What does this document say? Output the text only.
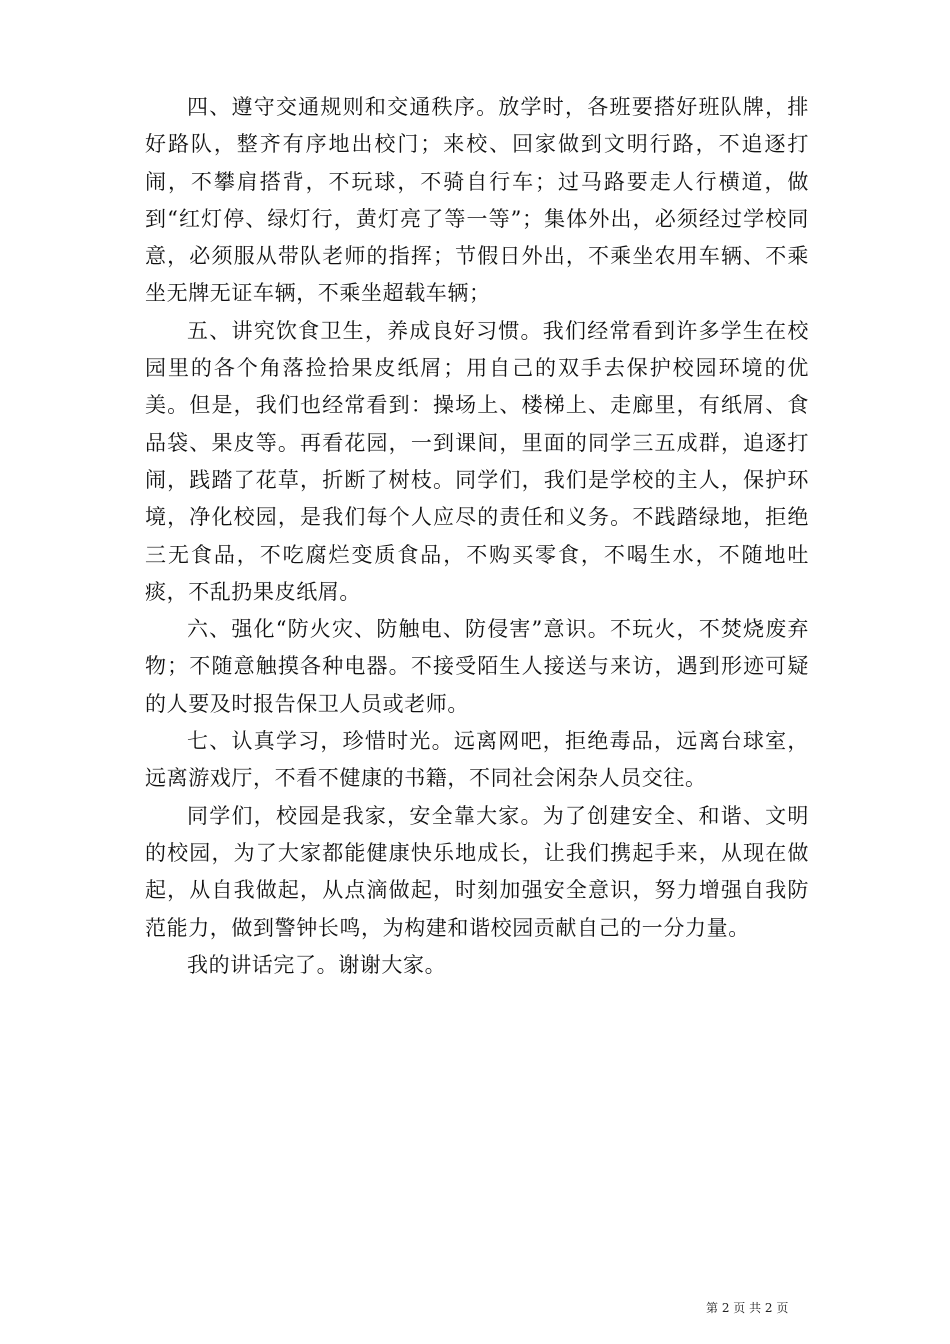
四、遵守交通规则和交通秩序。放学时，各班要搭好班队牌，排好路队，整齐有序地出校门；来校、回家做到文明行路，不追逐打闹，不攀肩搭背，不玩球，不骑自行车；过马路要走人行横道，做到“红灯停、绿灯行，黄灯亮了等一等”；集体外出，必须经过学校同意，必须服从带队老师的指挥；节假日外出，不乘坐农用车辆、不乘坐无牌无证车辆，不乘坐超载车辆；

五、讲究饮食卫生，养成良好习惯。我们经常看到许多学生在校园里的各个角落捡拾果皮纸屑；用自己的双手去保护校园环境的优美。但是，我们也经常看到：操场上、楼梯上、走廊里，有纸屑、食品袋、果皮等。再看花园，一到课间，里面的同学三五成群，追逐打闹，践踏了花草，折断了树枝。同学们，我们是学校的主人，保护环境，净化校园，是我们每个人应尽的责任和义务。不践踏绿地，拒绝三无食品，不吃腐烂变质食品，不购买零食，不喝生水，不随地吐痰，不乱扔果皮纸屑。

六、强化“防火灾、防触电、防侵害”意识。不玩火，不焚烧废弃物；不随意触摸各种电器。不接受陌生人接送与来访，遇到形迹可疑的人要及时报告保卫人员或老师。

七、认真学习，珍惜时光。远离网吧，拒绝毒品，远离台球室，远离游戏厅，不看不健康的书籍，不同社会闲杂人员交往。

同学们，校园是我家，安全靠大家。为了创建安全、和谐、文明的校园，为了大家都能健康快乐地成长，让我们携起手来，从现在做起，从自我做起，从点滴做起，时刻加强安全意识，努力增强自我防范能力，做到警钟长鸣，为构建和谐校园贡献自己的一分力量。

我的讲话完了。谢谢大家。

第 2 页 共 2 页
